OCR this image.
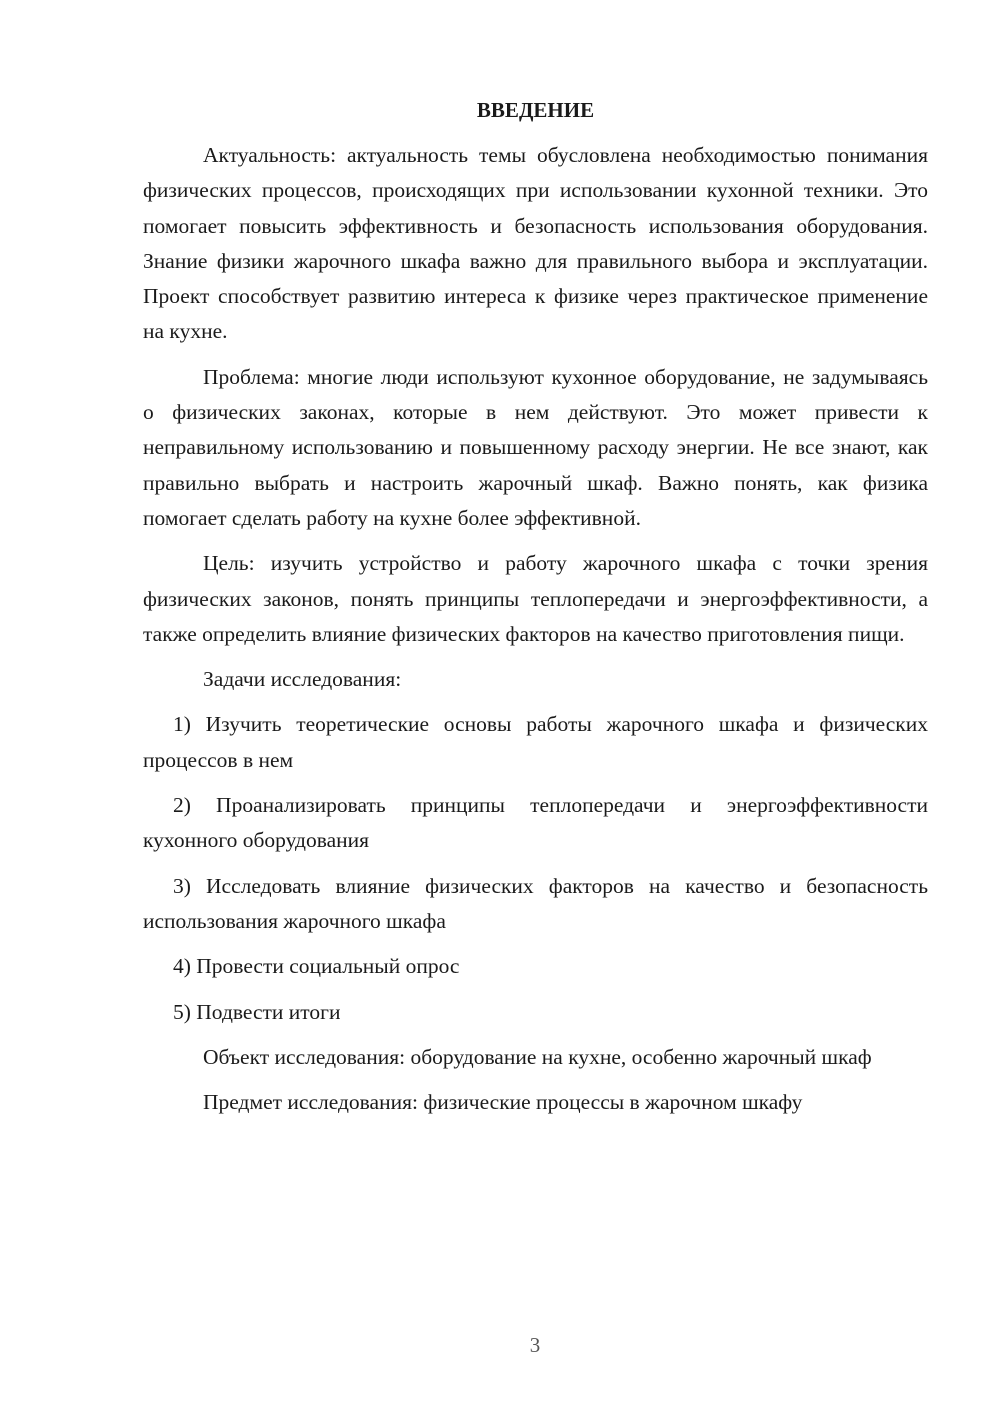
ВВЕДЕНИЕ

Актуальность: актуальность темы обусловлена необходимостью понимания физических процессов, происходящих при использовании кухонной техники. Это помогает повысить эффективность и безопасность использования оборудования. Знание физики жарочного шкафа важно для правильного выбора и эксплуатации. Проект способствует развитию интереса к физике через практическое применение на кухне.

Проблема: многие люди используют кухонное оборудование, не задумываясь о физических законах, которые в нем действуют. Это может привести к неправильному использованию и повышенному расходу энергии. Не все знают, как правильно выбрать и настроить жарочный шкаф. Важно понять, как физика помогает сделать работу на кухне более эффективной.

Цель: изучить устройство и работу жарочного шкафа с точки зрения физических законов, понять принципы теплопередачи и энергоэффективности, а также определить влияние физических факторов на качество приготовления пищи.

Задачи исследования:

1) Изучить теоретические основы работы жарочного шкафа и физических процессов в нем

2) Проанализировать принципы теплопередачи и энергоэффективности кухонного оборудования

3) Исследовать влияние физических факторов на качество и безопасность использования жарочного шкафа

4) Провести социальный опрос

5) Подвести итоги

Объект исследования: оборудование на кухне, особенно жарочный шкаф

Предмет исследования: физические процессы в жарочном шкафу

3
